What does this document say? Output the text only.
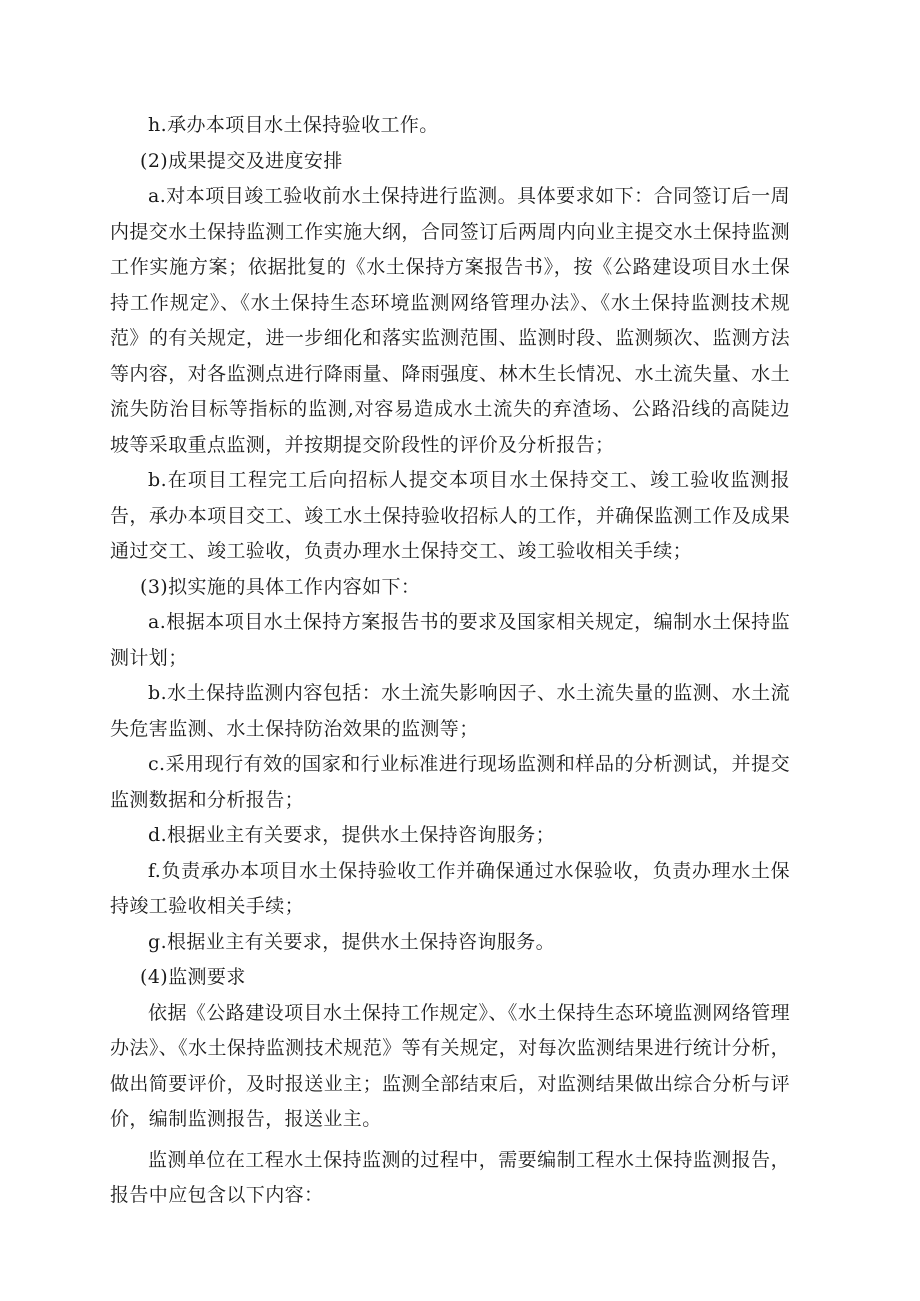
h.承办本项目水土保持验收工作。

(2)成果提交及进度安排

a.对本项目竣工验收前水土保持进行监测。具体要求如下：合同签订后一周内提交水土保持监测工作实施大纲，合同签订后两周内向业主提交水土保持监测工作实施方案；依据批复的《水土保持方案报告书》，按《公路建设项目水土保持工作规定》、《水土保持生态环境监测网络管理办法》、《水土保持监测技术规范》的有关规定，进一步细化和落实监测范围、监测时段、监测频次、监测方法等内容，对各监测点进行降雨量、降雨强度、林木生长情况、水土流失量、水土流失防治目标等指标的监测,对容易造成水土流失的弃渣场、公路沿线的高陡边坡等采取重点监测，并按期提交阶段性的评价及分析报告；

b.在项目工程完工后向招标人提交本项目水土保持交工、竣工验收监测报告，承办本项目交工、竣工水土保持验收招标人的工作，并确保监测工作及成果通过交工、竣工验收，负责办理水土保持交工、竣工验收相关手续；

(3)拟实施的具体工作内容如下：

a.根据本项目水土保持方案报告书的要求及国家相关规定，编制水土保持监测计划；

b.水土保持监测内容包括：水土流失影响因子、水土流失量的监测、水土流失危害监测、水土保持防治效果的监测等；

c.采用现行有效的国家和行业标准进行现场监测和样品的分析测试，并提交监测数据和分析报告；

d.根据业主有关要求，提供水土保持咨询服务；

f.负责承办本项目水土保持验收工作并确保通过水保验收，负责办理水土保持竣工验收相关手续；

g.根据业主有关要求，提供水土保持咨询服务。

(4)监测要求

依据《公路建设项目水土保持工作规定》、《水土保持生态环境监测网络管理办法》、《水土保持监测技术规范》等有关规定，对每次监测结果进行统计分析，做出简要评价，及时报送业主；监测全部结束后，对监测结果做出综合分析与评价，编制监测报告，报送业主。

监测单位在工程水土保持监测的过程中，需要编制工程水土保持监测报告，报告中应包含以下内容：
